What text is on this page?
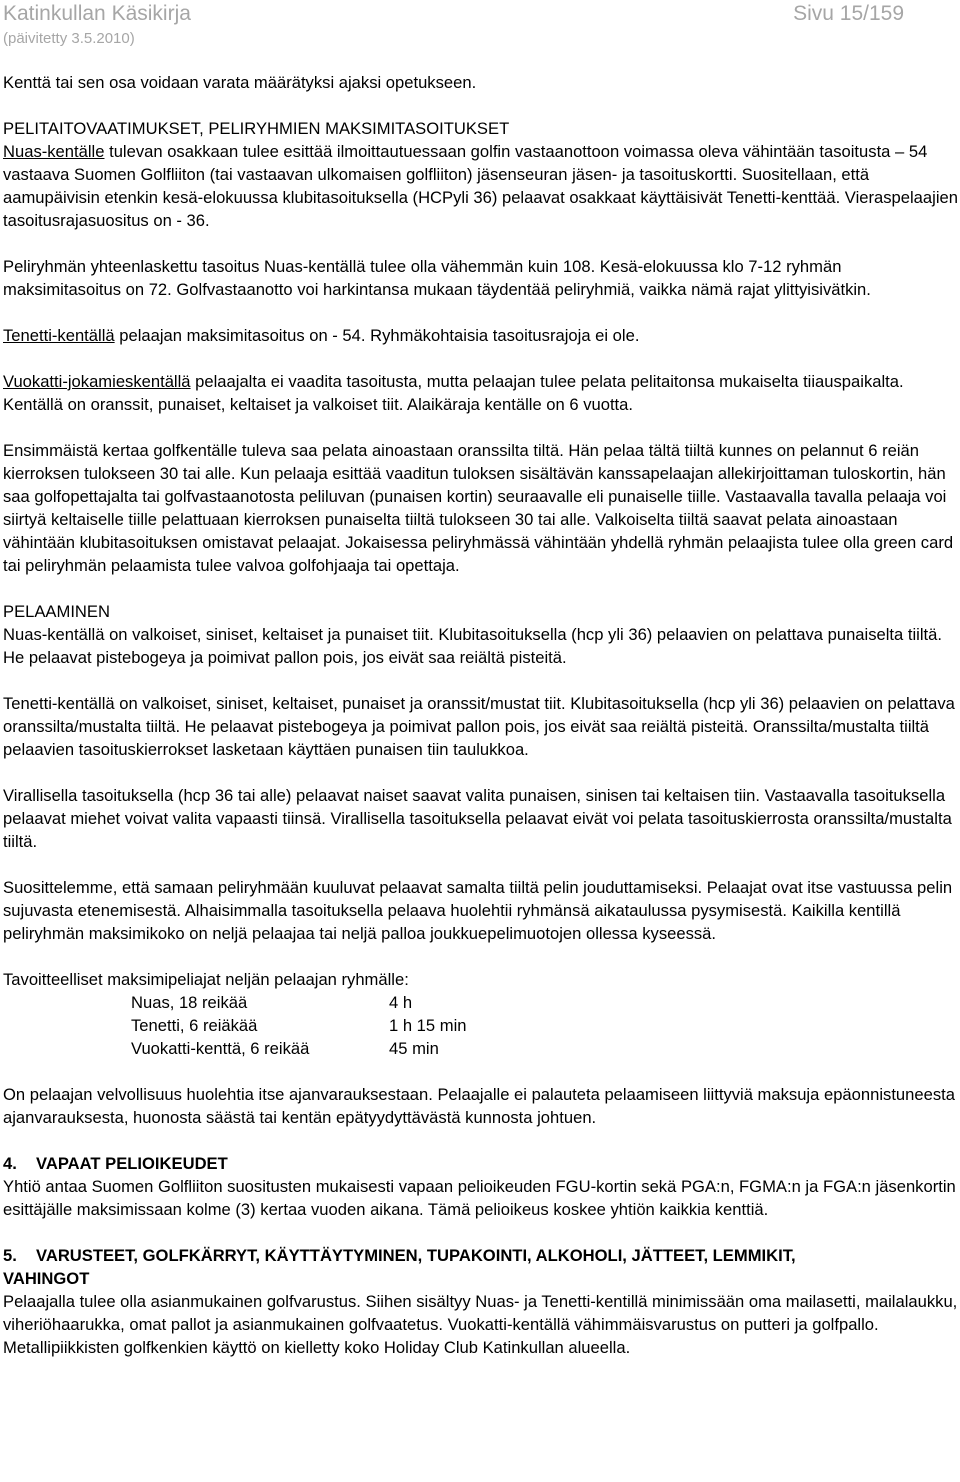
Katinkullan Käsikirja
(päivitetty 3.5.2010)
Sivu 15/159

Kenttä tai sen osa voidaan varata määrätyksi ajaksi opetukseen.

PELITAITOVAATIMUKSET, PELIRYHMIEN MAKSIMITASOITUKSET

Nuas-kentälle tulevan osakkaan tulee esittää ilmoittautuessaan golfin vastaanottoon voimassa oleva vähintään tasoitusta – 54 vastaava Suomen Golfliiton (tai vastaavan ulkomaisen golfliiton) jäsenseuran jäsen- ja tasoituskortti. Suositellaan, että aamupäivisin etenkin kesä-elokuussa klubitasoituksella (HCPyli 36) pelaavat osakkaat käyttäisivät Tenetti-kenttää. Vieraspelaajien tasoitusrajasuositus on - 36.

Peliryhmän yhteenlaskettu tasoitus Nuas-kentällä tulee olla vähemmän kuin 108. Kesä-elokuussa klo 7-12 ryhmän maksimitasoitus on 72. Golfvastaanotto voi harkintansa mukaan täydentää peliryhmiä, vaikka nämä rajat ylittyisivätkin.

Tenetti-kentällä pelaajan maksimitasoitus on - 54. Ryhmäkohtaisia tasoitusrajoja ei ole.

Vuokatti-jokamieskentällä pelaajalta ei vaadita tasoitusta, mutta pelaajan tulee pelata pelitaitonsa mukaiselta tiiauspaikalta. Kentällä on oranssit, punaiset, keltaiset ja valkoiset tiit. Alaikäraja kentälle on 6 vuotta.

Ensimmäistä kertaa golfkentälle tuleva saa pelata ainoastaan oranssilta tiltä. Hän pelaa tältä tiiltä kunnes on pelannut 6 reiän kierroksen tulokseen 30 tai alle. Kun pelaaja esittää vaaditun tuloksen sisältävän kanssapelaajan allekirjoittaman tuloskortin, hän saa golfopettajalta tai golfvastaanotosta peliluvan (punaisen kortin) seuraavalle eli punaiselle tiille. Vastaavalla tavalla pelaaja voi siirtyä keltaiselle tiille pelattuaan kierroksen punaiselta tiiltä tulokseen 30 tai alle. Valkoiselta tiiltä saavat pelata ainoastaan vähintään klubitasoituksen omistavat pelaajat. Jokaisessa peliryhmässä vähintään yhdellä ryhmän pelaajista tulee olla green card tai peliryhmän pelaamista tulee valvoa golfohjaaja tai opettaja.

PELAAMINEN

Nuas-kentällä on valkoiset, siniset, keltaiset ja punaiset tiit. Klubitasoituksella (hcp yli 36) pelaavien on pelattava punaiselta tiiltä. He pelaavat pistebogeya ja poimivat pallon pois, jos eivät saa reiältä pisteitä.

Tenetti-kentällä on valkoiset, siniset, keltaiset, punaiset ja oranssit/mustat tiit. Klubitasoituksella (hcp yli 36) pelaavien on pelattava oranssilta/mustalta tiiltä. He pelaavat pistebogeya ja poimivat pallon pois, jos eivät saa reiältä pisteitä. Oranssilta/mustalta tiiltä pelaavien tasoituskierrokset lasketaan käyttäen punaisen tiin taulukkoa.

Virallisella tasoituksella (hcp 36 tai alle) pelaavat naiset saavat valita punaisen, sinisen tai keltaisen tiin. Vastaavalla tasoituksella pelaavat miehet voivat valita vapaasti tiinsä. Virallisella tasoituksella pelaavat eivät voi pelata tasoituskierrosta oranssilta/mustalta tiiltä.

Suosittelemme, että samaan peliryhmään kuuluvat pelaavat samalta tiiltä pelin jouduttamiseksi. Pelaajat ovat itse vastuussa pelin sujuvasta etenemisestä. Alhaisimmalla tasoituksella pelaava huolehtii ryhmänsä aikataulussa pysymisestä. Kaikilla kentillä peliryhmän maksimikoko on neljä pelaajaa tai neljä palloa joukkuepelimuotojen ollessa kyseessä.

Tavoitteelliset maksimipeliajat neljän pelaajan ryhmälle:
Nuas, 18 reikää	4 h
Tenetti, 6 reiäkää	1 h 15 min
Vuokatti-kenttä, 6 reikää	45 min

On pelaajan velvollisuus huolehtia itse ajanvarauksestaan. Pelaajalle ei palauteta pelaamiseen liittyviä maksuja epäonnistuneesta ajanvarauksesta, huonosta säästä tai kentän epätyydyttävästä kunnosta johtuen.

4. VAPAAT PELIOIKEUDET

Yhtiö antaa Suomen Golfliiton suositusten mukaisesti vapaan pelioikeuden FGU-kortin sekä PGA:n, FGMA:n ja FGA:n jäsenkortin esittäjälle maksimissaan kolme (3) kertaa vuoden aikana. Tämä pelioikeus koskee yhtiön kaikkia kenttiä.

5. VARUSTEET, GOLFKÄRRYT, KÄYTTÄYTYMINEN, TUPAKOINTI, ALKOHOLI, JÄTTEET, LEMMIKIT,
VAHINGOT

Pelaajalla tulee olla asianmukainen golfvarustus. Siihen sisältyy Nuas- ja Tenetti-kentillä minimissään oma mailasetti, mailalaukku, viheriöhaarukka, omat pallot ja asianmukainen golfvaatetus. Vuokatti-kentällä vähimmäisvarustus on putteri ja golfpallo. Metallipiikkisten golfkenkien käyttö on kielletty koko Holiday Club Katinkullan alueella.
